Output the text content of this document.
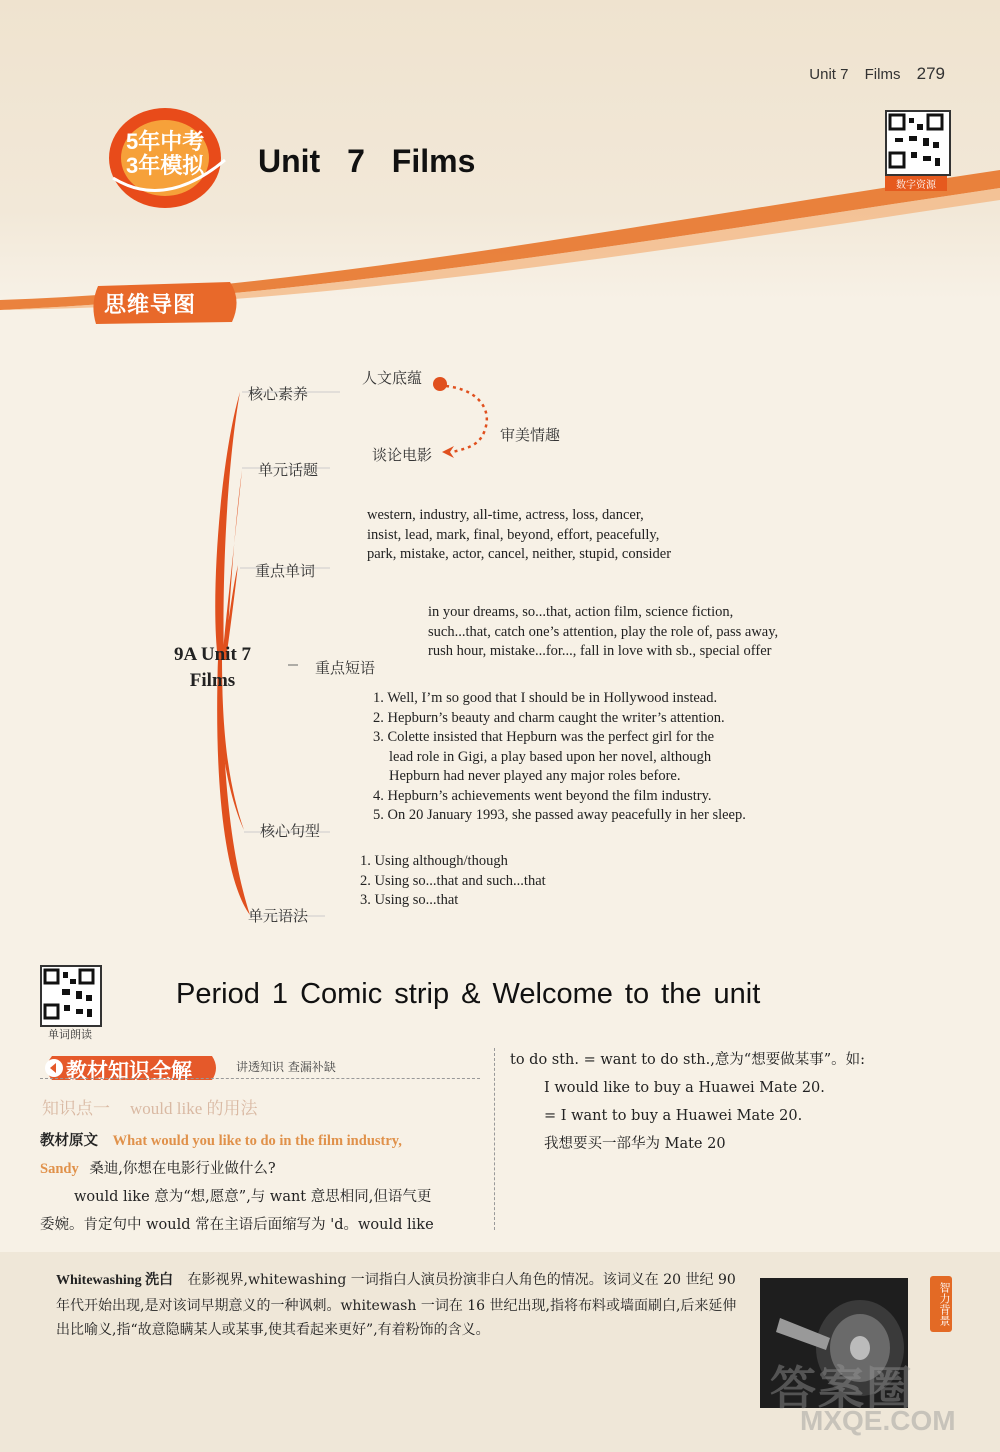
Unit 7 Films 279
5年中考3年模拟	Unit 7 Films
数字资源
思维导图
核心素养
单元话题
重点单词
重点短语
核心句型
单元语法
人文底蕴
审美情趣
谈论电影
9A Unit 7
Films
western, industry, all-time, actress, loss, dancer,
insist, lead, mark, final, beyond, effort, peacefully,
park, mistake, actor, cancel, neither, stupid, consider
in your dreams, so...that, action film, science fiction,
such...that, catch one’s attention, play the role of, pass away,
rush hour, mistake...for..., fall in love with sb., special offer
1. Well, I’m so good that I should be in Hollywood instead.
2. Hepburn’s beauty and charm caught the writer’s attention.
3. Colette insisted that Hepburn was the perfect girl for the
lead role in Gigi, a play based upon her novel, although
Hepburn had never played any major roles before.
4. Hepburn’s achievements went beyond the film industry.
5. On 20 January 1993, she passed away peacefully in her sleep.
1. Using although/though
2. Using so...that and such...that
3. Using so...that
单词朗读
Period 1 Comic strip & Welcome to the unit
教材知识全解	讲透知识 查漏补缺
知识点一 would like 的用法
教材原文 What would you like to do in the film industry,
Sandy 桑迪,你想在电影行业做什么?
would like 意为“想,愿意”,与 want 意思相同,但语气更
委婉。肯定句中 would 常在主语后面缩写为 'd。would like
to do sth. = want to do sth.,意为“想要做某事”。如:
I would like to buy a Huawei Mate 20.
= I want to buy a Huawei Mate 20.
我想要买一部华为 Mate 20
Whitewashing 洗白 在影视界,whitewashing 一词指白人演员扮演非白人角色的情况。该词义在 20 世纪 90 年代开始出现,是对该词早期意义的一种讽刺。whitewash 一词在 16 世纪出现,指将布料或墙面刷白,后来延伸出比喻义,指“故意隐瞒某人或某事,使其看起来更好”,有着粉饰的含义。
智力背景
答案圈
MXQE.COM
